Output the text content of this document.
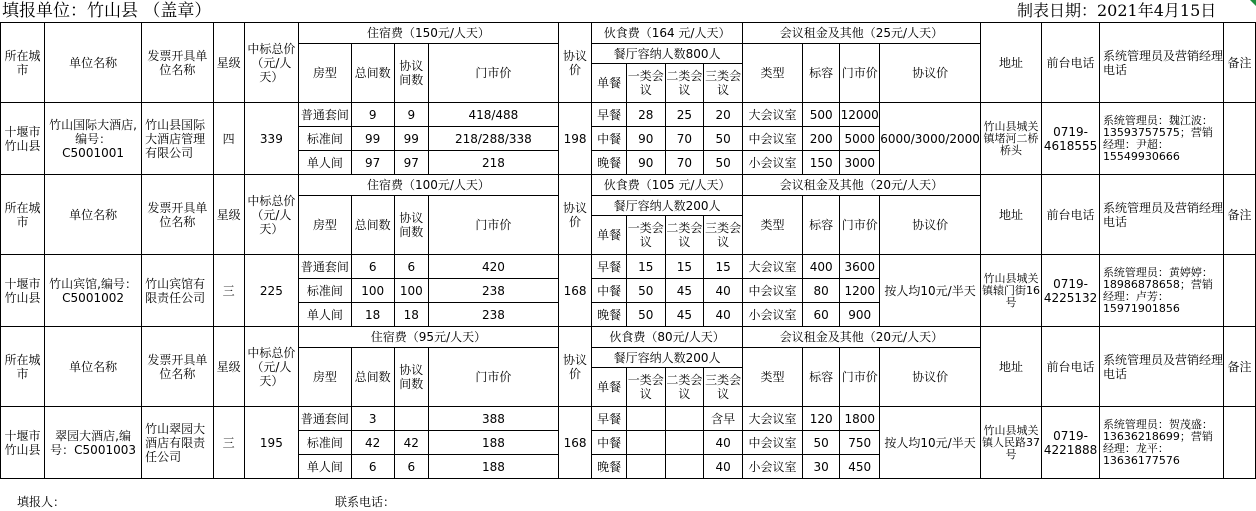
填报单位：竹山县 （盖章）	制表日期：2021年4月15日
所在城市	单位名称	发票开具单位名称	星级	中标总价（元/人天）	住宿费（150元/人天）				协议价	伙食费（164 元/人天）				会议租金及其他（25元/人天）				地址	前台电话	系统管理员及营销经理电话	备注
					房型	总间数	协议间数	门市价		餐厅容纳人数800人				类型	标容	门市价	协议价				
										单餐	一类会议	二类会议	三类会议								
十堰市竹山县	竹山国际大酒店,编号：C5001001	竹山县国际大酒店管理有限公司	四	339	普通套间	9	9	418/488	198	早餐	28	25	20	大会议室	500	12000	6000/3000/2000	竹山县城关镇堵河二桥桥头	0719-4618555	系统管理员：魏江波：13593757575；营销经理：尹超：15549930666	
					标准间	99	99	218/288/338		中餐	90	70	50	中会议室	200	5000					
					单人间	97	97	218		晚餐	90	70	50	小会议室	150	3000					
所在城市	单位名称	发票开具单位名称	星级	中标总价（元/人天）	住宿费（100元/人天）				协议价	伙食费（105 元/人天）				会议租金及其他（20元/人天）				地址	前台电话	系统管理员及营销经理电话	备注
					房型	总间数	协议间数	门市价		餐厅容纳人数200人				类型	标容	门市价	协议价				
										单餐	一类会议	二类会议	三类会议								
十堰市竹山县	竹山宾馆,编号：C5001002	竹山宾馆有限责任公司	三	225	普通套间	6	6	420	168	早餐	15	15	15	大会议室	400	3600	按人均10元/半天	竹山县城关镇辕门街16号	0719-4225132	系统管理员：黄婷婷：18986878658；营销经理：卢芳：15971901856	
					标准间	100	100	238		中餐	50	45	40	中会议室	80	1200					
					单人间	18	18	238		晚餐	50	45	40	小会议室	60	900					
所在城市	单位名称	发票开具单位名称	星级	中标总价（元/人天）	住宿费（95元/人天）				协议价	伙食费（80元/人天）				会议租金及其他（20元/人天）				地址	前台电话	系统管理员及营销经理电话	备注
					房型	总间数	协议间数	门市价		餐厅容纳人数200人				类型	标容	门市价	协议价				
										单餐	一类会议	二类会议	三类会议								
十堰市竹山县	翠园大酒店,编号：C5001003	竹山翠园大酒店有限责任公司	三	195	普通套间	3		388	168	早餐			含早	大会议室	120	1800	按人均10元/半天	竹山县城关镇人民路37号	0719-4221888	系统管理员：贺茂盛：13636218699；营销经理：龙平：13636177576	
					标准间	42	42	188		中餐			40	中会议室	50	750					
					单人间	6	6	188		晚餐			40	小会议室	30	450					
填报人：	联系电话：
